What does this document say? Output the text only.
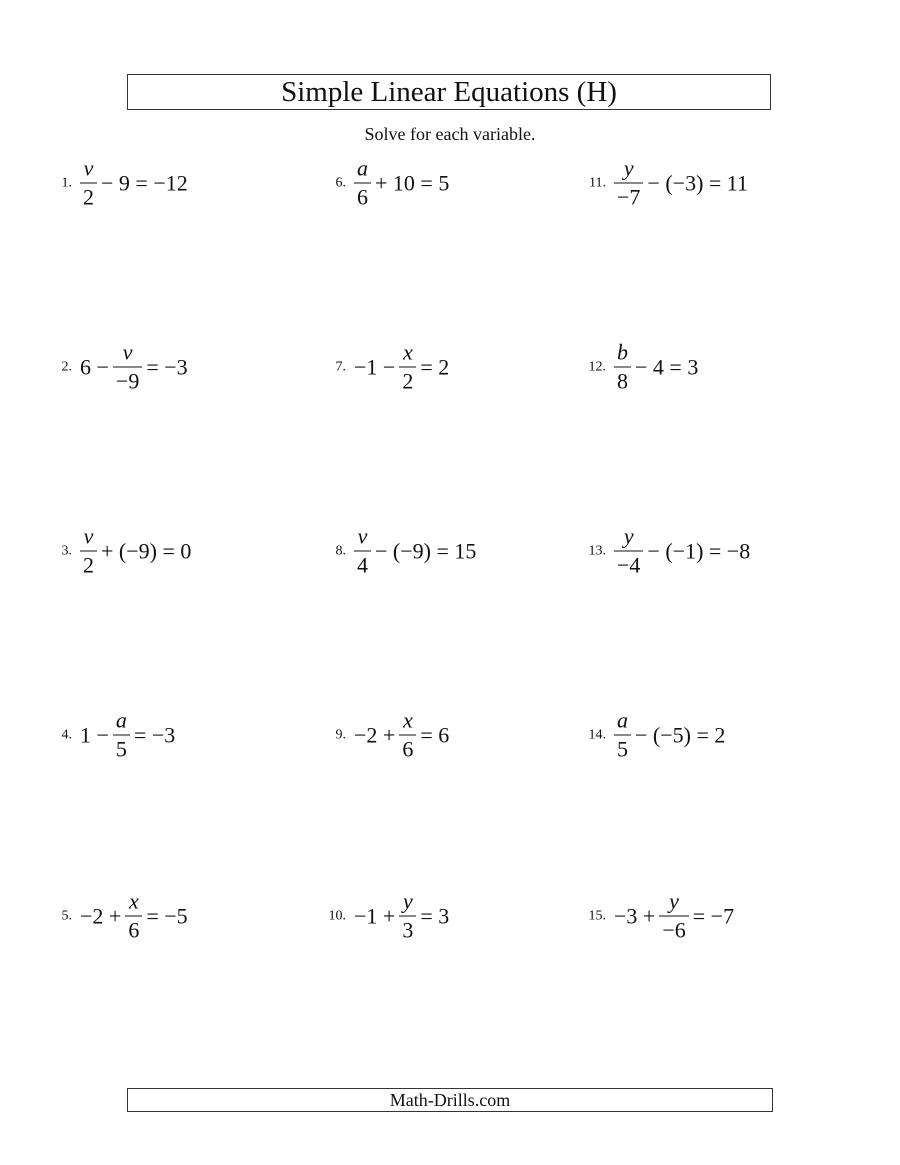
Simple Linear Equations (H)
Solve for each variable.
1. $\frac{v}{2} - 9 = -12$
2. $6 - \frac{v}{-9} = -3$
3. $\frac{v}{2} + (-9) = 0$
4. $1 - \frac{a}{5} = -3$
5. $-2 + \frac{x}{6} = -5$
6. $\frac{a}{6} + 10 = 5$
7. $-1 - \frac{x}{2} = 2$
8. $\frac{v}{4} - (-9) = 15$
9. $-2 + \frac{x}{6} = 6$
10. $-1 + \frac{y}{3} = 3$
11. $\frac{y}{-7} - (-3) = 11$
12. $\frac{b}{8} - 4 = 3$
13. $\frac{y}{-4} - (-1) = -8$
14. $\frac{a}{5} - (-5) = 2$
15. $-3 + \frac{y}{-6} = -7$
Math-Drills.com
